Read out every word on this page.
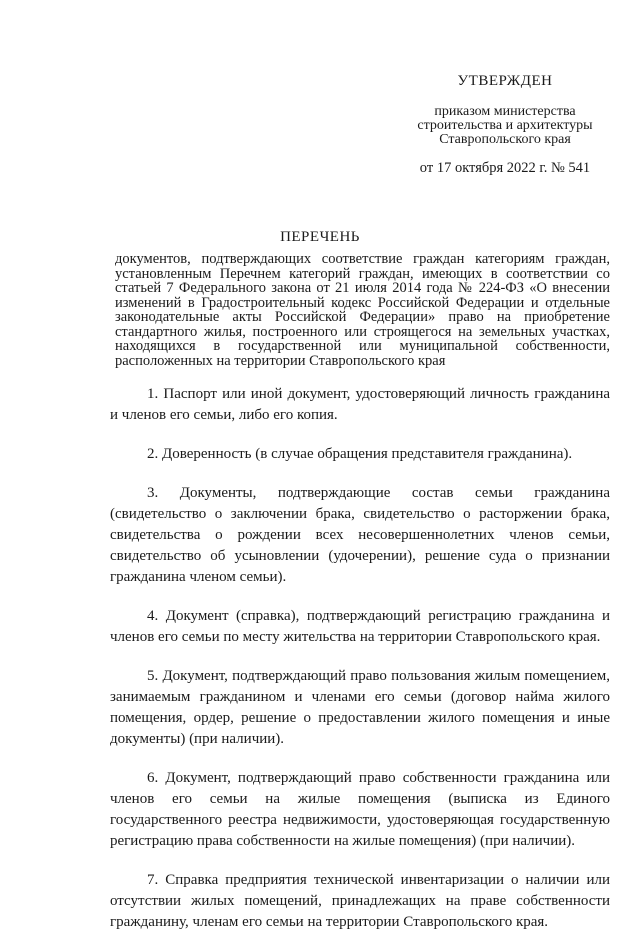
УТВЕРЖДЕН
приказом министерства строительства и архитектуры Ставропольского края
от 17 октября 2022 г. № 541
ПЕРЕЧЕНЬ
документов, подтверждающих соответствие граждан категориям граждан, установленным Перечнем категорий граждан, имеющих в соответствии со статьей 7 Федерального закона от 21 июля 2014 года № 224-ФЗ «О внесении изменений в Градостроительный кодекс Российской Федерации и отдельные законодательные акты Российской Федерации» право на приобретение стандартного жилья, построенного или строящегося на земельных участках, находящихся в государственной или муниципальной собственности, расположенных на территории Ставропольского края

1. Паспорт или иной документ, удостоверяющий личность гражданина и членов его семьи, либо его копия.

2. Доверенность (в случае обращения представителя гражданина).

3. Документы, подтверждающие состав семьи гражданина (свидетельство о заключении брака, свидетельство о расторжении брака, свидетельства о рождении всех несовершеннолетних членов семьи, свидетельство об усыновлении (удочерении), решение суда о признании гражданина членом семьи).

4. Документ (справка), подтверждающий регистрацию гражданина и членов его семьи по месту жительства на территории Ставропольского края.

5. Документ, подтверждающий право пользования жилым помещением, занимаемым гражданином и членами его семьи (договор найма жилого помещения, ордер, решение о предоставлении жилого помещения и иные документы) (при наличии).

6. Документ, подтверждающий право собственности гражданина или членов его семьи на жилые помещения (выписка из Единого государственного реестра недвижимости, удостоверяющая государственную регистрацию права собственности на жилые помещения) (при наличии).

7. Справка предприятия технической инвентаризации о наличии или отсутствии жилых помещений, принадлежащих на праве собственности гражданину, членам его семьи на территории Ставропольского края.
